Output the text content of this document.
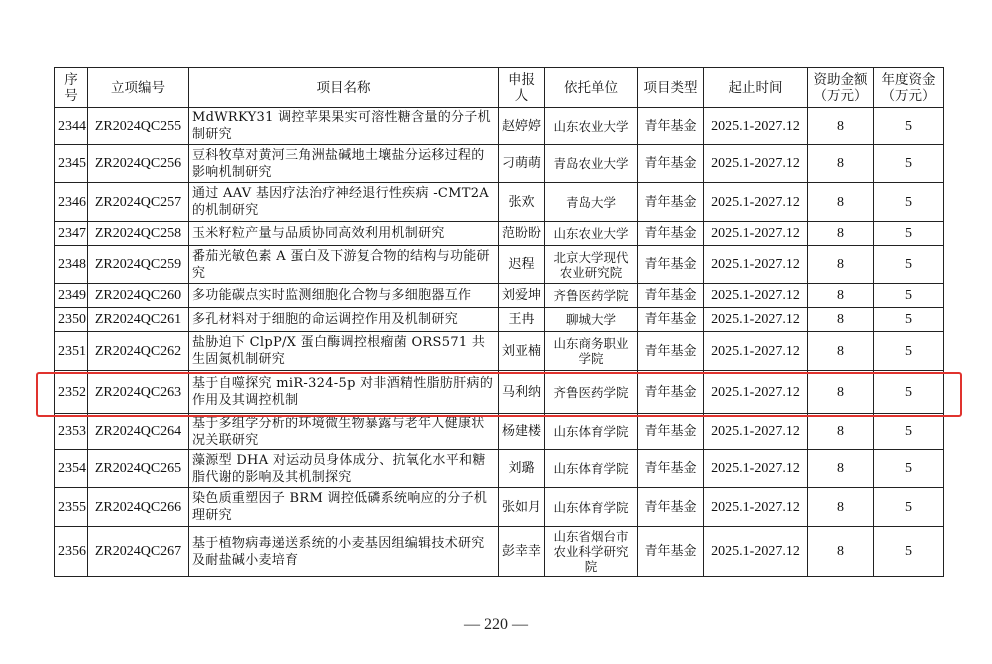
序号	立项编号	项目名称	申报人	依托单位	项目类型	起止时间	资助金额（万元）	年度资金（万元）
2344	ZR2024QC255	MdWRKY31 调控苹果果实可溶性糖含量的分子机制研究	赵婷婷	山东农业大学	青年基金	2025.1-2027.12	8	5
2345	ZR2024QC256	豆科牧草对黄河三角洲盐碱地土壤盐分运移过程的影响机制研究	刁萌萌	青岛农业大学	青年基金	2025.1-2027.12	8	5
2346	ZR2024QC257	通过 AAV 基因疗法治疗神经退行性疾病 -CMT2A 的机制研究	张欢	青岛大学	青年基金	2025.1-2027.12	8	5
2347	ZR2024QC258	玉米籽粒产量与品质协同高效利用机制研究	范盼盼	山东农业大学	青年基金	2025.1-2027.12	8	5
2348	ZR2024QC259	番茄光敏色素 A 蛋白及下游复合物的结构与功能研究	迟程	北京大学现代农业研究院	青年基金	2025.1-2027.12	8	5
2349	ZR2024QC260	多功能碳点实时监测细胞化合物与多细胞器互作	刘爱坤	齐鲁医药学院	青年基金	2025.1-2027.12	8	5
2350	ZR2024QC261	多孔材料对于细胞的命运调控作用及机制研究	王冉	聊城大学	青年基金	2025.1-2027.12	8	5
2351	ZR2024QC262	盐胁迫下 ClpP/X 蛋白酶调控根瘤菌 ORS571 共生固氮机制研究	刘亚楠	山东商务职业学院	青年基金	2025.1-2027.12	8	5
2352	ZR2024QC263	基于自噬探究 miR-324-5p 对非酒精性脂肪肝病的作用及其调控机制	马利纳	齐鲁医药学院	青年基金	2025.1-2027.12	8	5
2353	ZR2024QC264	基于多组学分析的环境微生物暴露与老年人健康状况关联研究	杨建楼	山东体育学院	青年基金	2025.1-2027.12	8	5
2354	ZR2024QC265	藻源型 DHA 对运动员身体成分、抗氧化水平和糖脂代谢的影响及其机制探究	刘璐	山东体育学院	青年基金	2025.1-2027.12	8	5
2355	ZR2024QC266	染色质重塑因子 BRM 调控低磷系统响应的分子机理研究	张如月	山东体育学院	青年基金	2025.1-2027.12	8	5
2356	ZR2024QC267	基于植物病毒递送系统的小麦基因组编辑技术研究及耐盐碱小麦培育	彭幸幸	山东省烟台市农业科学研究院	青年基金	2025.1-2027.12	8	5
— 220 —
